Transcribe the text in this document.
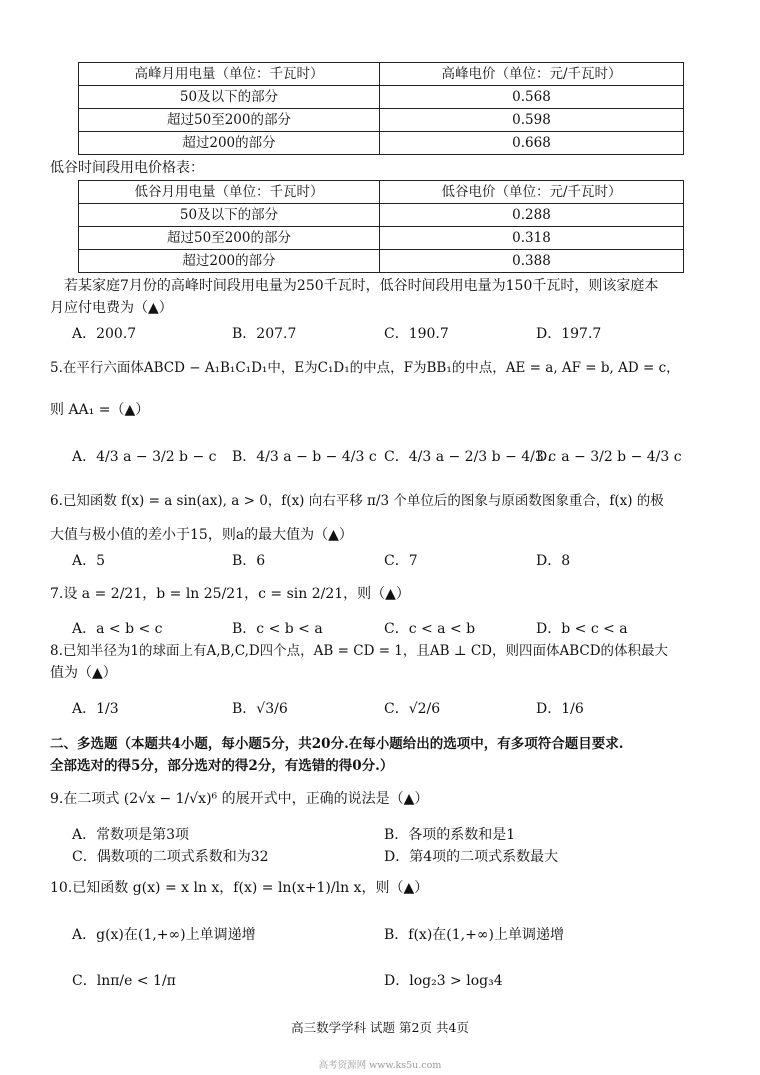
高峰月用电量（单位：千瓦时）	高峰电价（单位：元/千瓦时）
50及以下的部分	0.568
超过50至200的部分	0.598
超过200的部分	0.668
低谷时间段用电价格表：
低谷月用电量（单位：千瓦时）	低谷电价（单位：元/千瓦时）
50及以下的部分	0.288
超过50至200的部分	0.318
超过200的部分	0.388
若某家庭7月份的高峰时间段用电量为250千瓦时，低谷时间段用电量为150千瓦时，则该家庭本
月应付电费为（▲）
A．200.7	B．207.7	C．190.7	D．197.7
5.在平行六面体ABCD − A₁B₁C₁D₁中，E为C₁D₁的中点，F为BB₁的中点，AE = a, AF = b, AD = c，
则 AA₁ =（▲）
A．4/3 a − 3/2 b − c B．4/3 a − b − 4/3 c C．4/3 a − 2/3 b − 4/3 c
D．a − 3/2 b − 4/3 c
6.已知函数 f(x) = a sin(ax), a > 0，f(x) 向右平移 π/3 个单位后的图象与原函数图象重合，f(x) 的极
大值与极小值的差小于15，则a的最大值为（▲）
A．5	B．6	C．7	D．8
7.设 a = 2/21，b = ln 25/21，c = sin 2/21，则（▲）
A．a < b < c	B．c < b < a	C．c < a < b	D．b < c < a
8.已知半径为1的球面上有A,B,C,D四个点，AB = CD = 1，且AB ⊥ CD，则四面体ABCD的体积最大
值为（▲）
A．1/3	B．√3/6	C．√2/6	D．1/6
二、多选题（本题共4小题，每小题5分，共20分.在每小题给出的选项中，有多项符合题目要求.
全部选对的得5分，部分选对的得2分，有选错的得0分.）
9.在二项式 (2√x − 1/√x)⁶ 的展开式中，正确的说法是（▲）
A．常数项是第3项	B．各项的系数和是1
C．偶数项的二项式系数和为32	D．第4项的二项式系数最大
10.已知函数 g(x) = x ln x，f(x) = ln(x+1)/ln x，则（▲）
A．g(x)在(1,+∞)上单调递增	B．f(x)在(1,+∞)上单调递增
C．lnπ/e < 1/π	D．log₂3 > log₃4
高三数学学科 试题 第2页 共4页
高考资源网 www.ks5u.com
